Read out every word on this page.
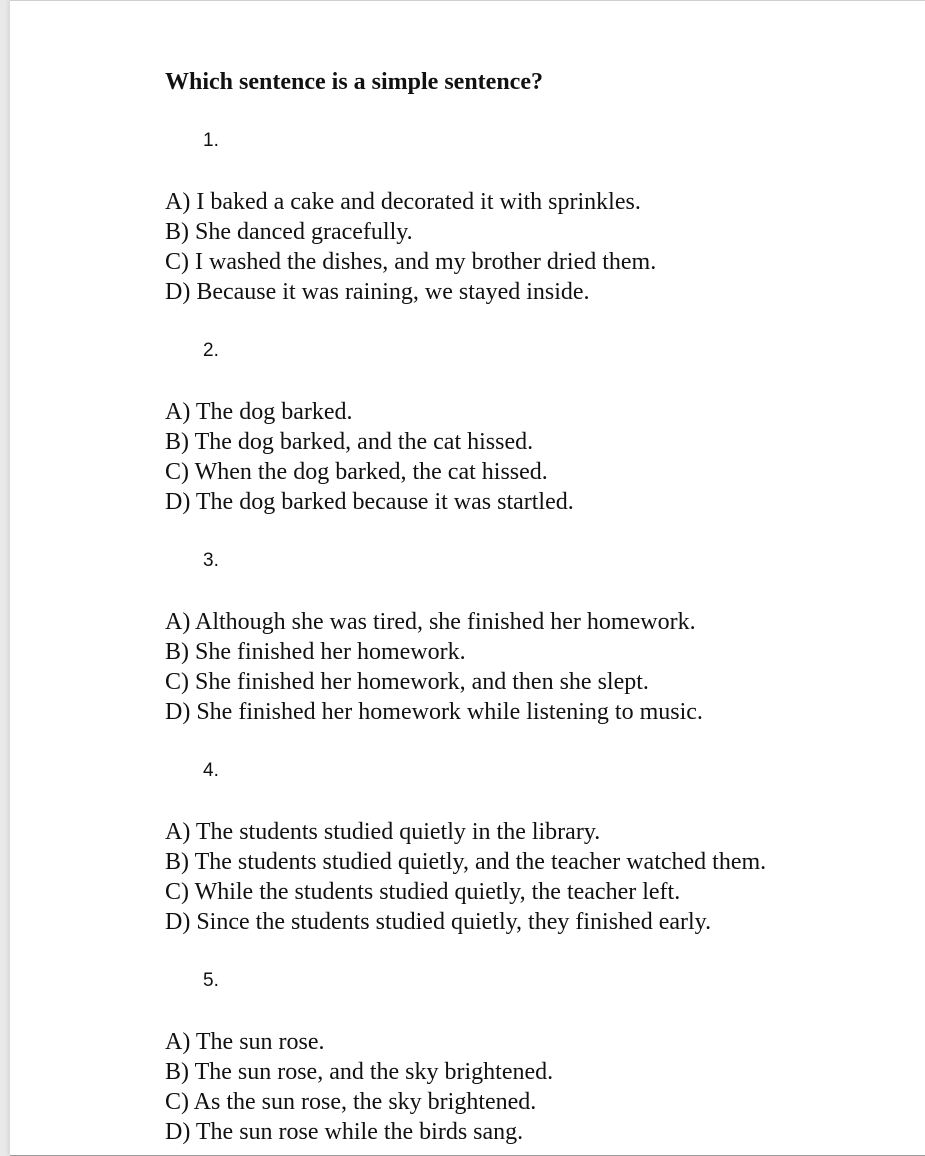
Which sentence is a simple sentence?
1.
A) I baked a cake and decorated it with sprinkles.
B) She danced gracefully.
C) I washed the dishes, and my brother dried them.
D) Because it was raining, we stayed inside.
2.
A) The dog barked.
B) The dog barked, and the cat hissed.
C) When the dog barked, the cat hissed.
D) The dog barked because it was startled.
3.
A) Although she was tired, she finished her homework.
B) She finished her homework.
C) She finished her homework, and then she slept.
D) She finished her homework while listening to music.
4.
A) The students studied quietly in the library.
B) The students studied quietly, and the teacher watched them.
C) While the students studied quietly, the teacher left.
D) Since the students studied quietly, they finished early.
5.
A) The sun rose.
B) The sun rose, and the sky brightened.
C) As the sun rose, the sky brightened.
D) The sun rose while the birds sang.
